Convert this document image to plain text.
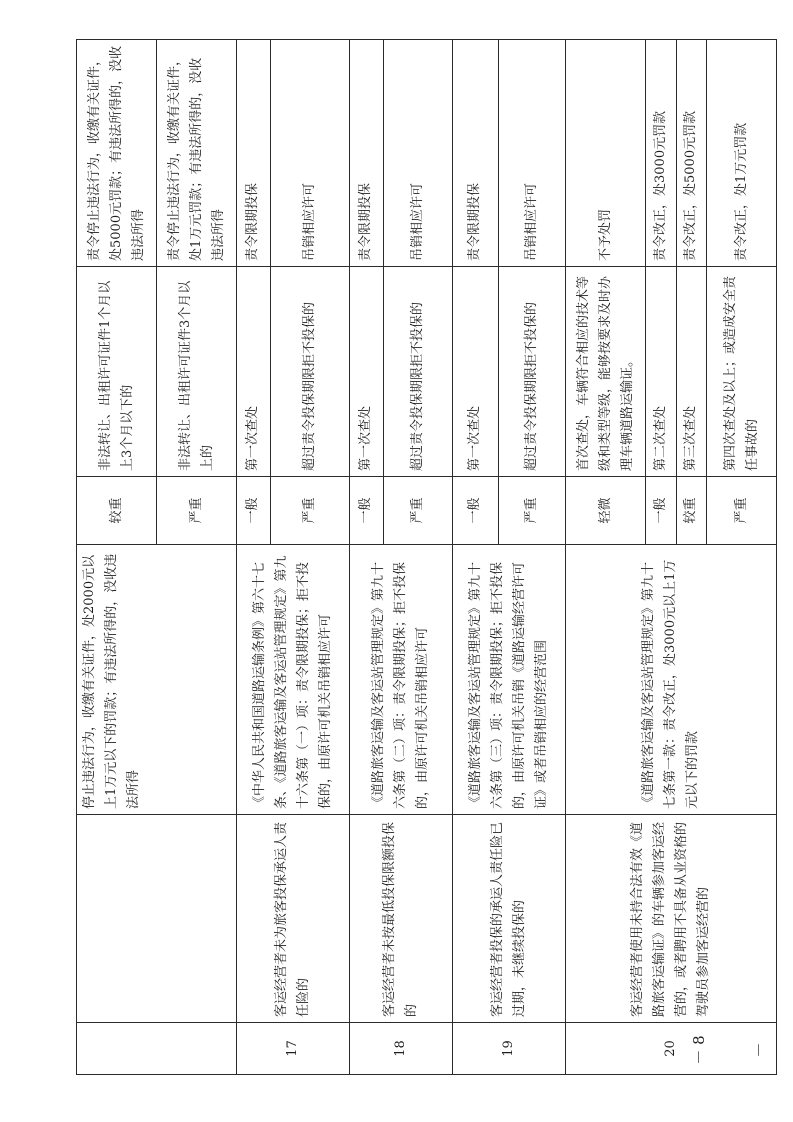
		停止违法行为，收缴有关证件，处2000元以上1万元以下的罚款；有违法所得的，没收违法所得	较重	非法转让、出租许可证件1个月以上3个月以下的	责令停止违法行为，收缴有关证件，处5000元罚款；有违法所得的，没收违法所得
			严重	非法转让、出租许可证件3个月以上的	责令停止违法行为，收缴有关证件，处1万元罚款；有违法所得的，没收违法所得
17	客运经营者未为旅客投保承运人责任险的	《中华人民共和国道路运输条例》第六十七条、《道路旅客运输及客运站管理规定》第九十六条第（一）项：责令限期投保；拒不投保的，由原许可机关吊销相应许可	一般	第一次查处	责令限期投保
			严重	超过责令投保期限拒不投保的	吊销相应许可
18	客运经营者未按最低投保限额投保的	《道路旅客运输及客运站管理规定》第九十六条第（二）项：责令限期投保；拒不投保的，由原许可机关吊销相应许可	一般	第一次查处	责令限期投保
			严重	超过责令投保期限拒不投保的	吊销相应许可
19	客运经营者投保的承运人责任险已过期，未继续投保的	《道路旅客运输及客运站管理规定》第九十六条第（三）项：责令限期投保；拒不投保的，由原许可机关吊销《道路运输经营许可证》或者吊销相应的经营范围	一般	第一次查处	责令限期投保
			严重	超过责令投保期限拒不投保的	吊销相应许可
20	客运经营者使用未持合法有效《道路旅客运输证》的车辆参加客运经营的，或者聘用不具备从业资格的驾驶员参加客运经营的	《道路旅客运输及客运站管理规定》第九十七条第一款：责令改正，处3000元以上1万元以下的罚款	轻微	首次查处，车辆符合相应的技术等级和类型等级，能够按要求及时办理车辆道路运输证。	不予处罚
			一般	第二次查处	责令改正，处3000元罚款
			较重	第三次查处	责令改正，处5000元罚款
			严重	第四次查处及以上；或造成安全责任事故的	责令改正，处1万元罚款
－ 8 －
